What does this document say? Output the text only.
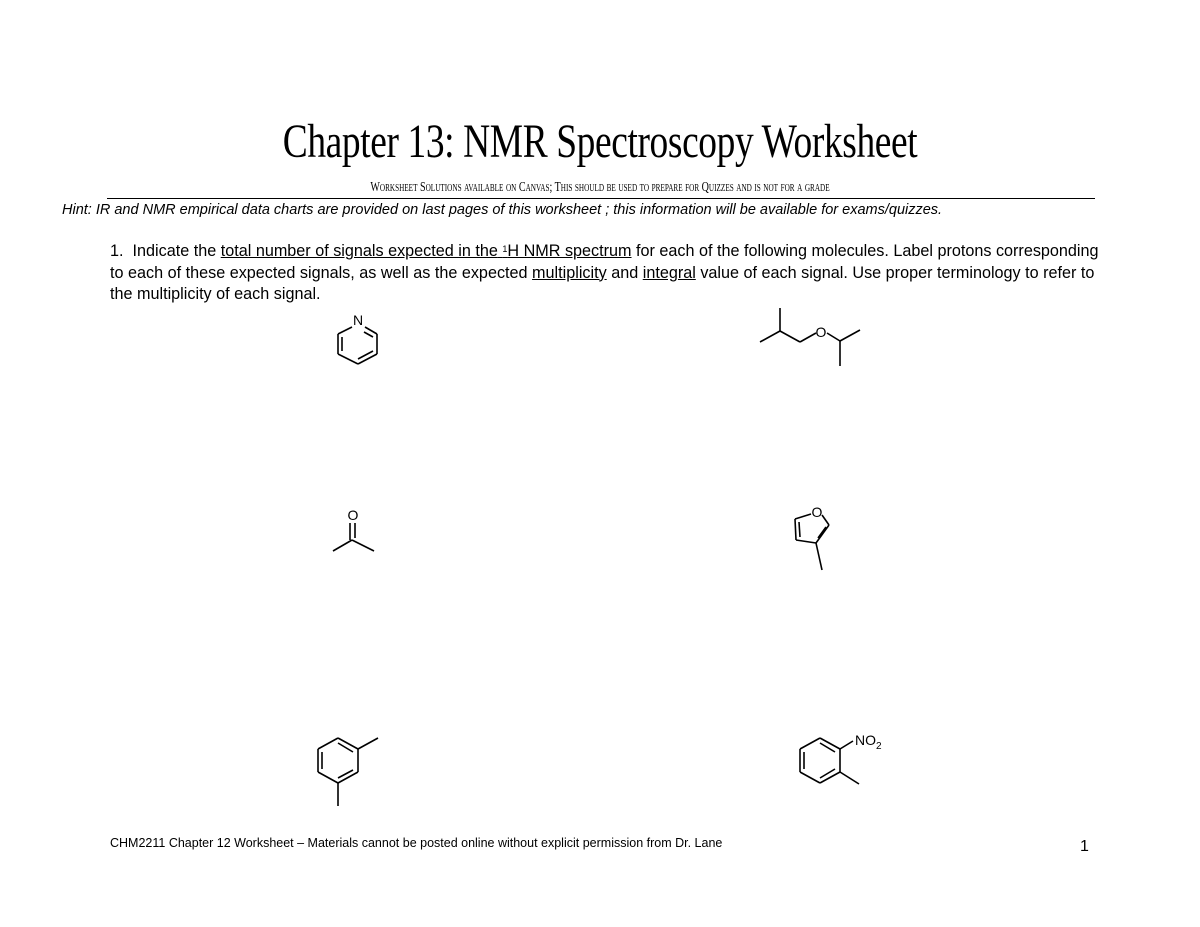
Chapter 13: NMR Spectroscopy Worksheet
Worksheet Solutions available on Canvas; This should be used to prepare for Quizzes and is not for a grade
Hint: IR and NMR empirical data charts are provided on last pages of this worksheet ; this information will be available for exams/quizzes.
1. Indicate the total number of signals expected in the $^1$H NMR spectrum for each of the following molecules. Label protons corresponding to each of these expected signals, as well as the expected multiplicity and integral value of each signal. Use proper terminology to refer to the multiplicity of each signal.
N
O
O	O
$NO_2$
CHM2211 Chapter 12 Worksheet – Materials cannot be posted online without explicit permission from Dr. Lane	1
